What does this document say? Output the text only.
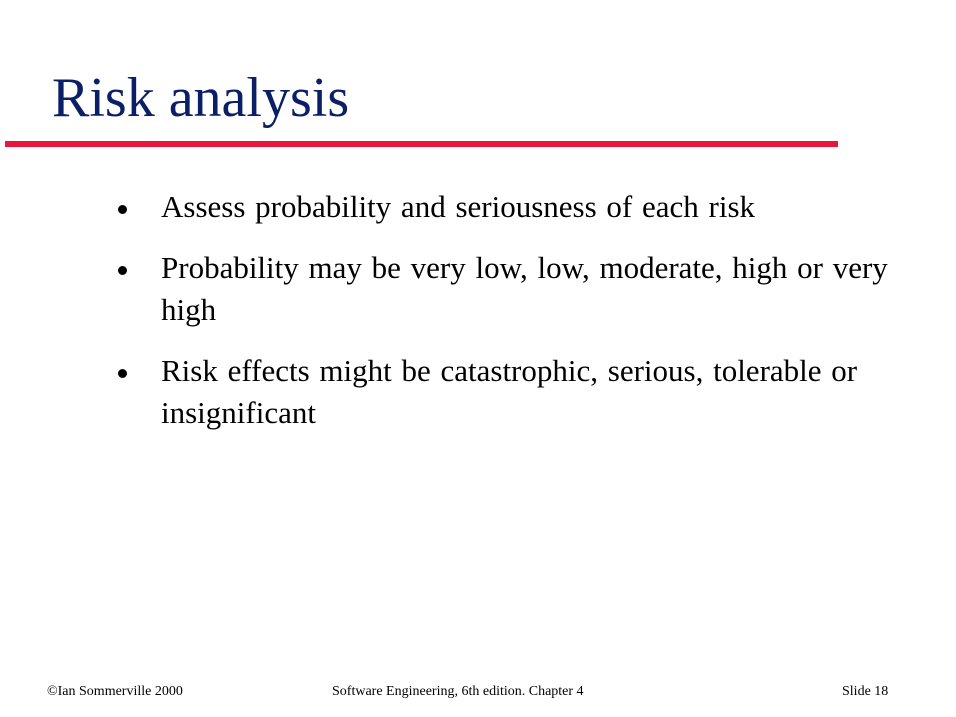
Risk analysis
Assess probability and seriousness of each risk
Probability may be very low, low, moderate, high or very high
Risk effects might be catastrophic, serious, tolerable or insignificant
©Ian Sommerville 2000	Software Engineering, 6th edition. Chapter 4	Slide 18
